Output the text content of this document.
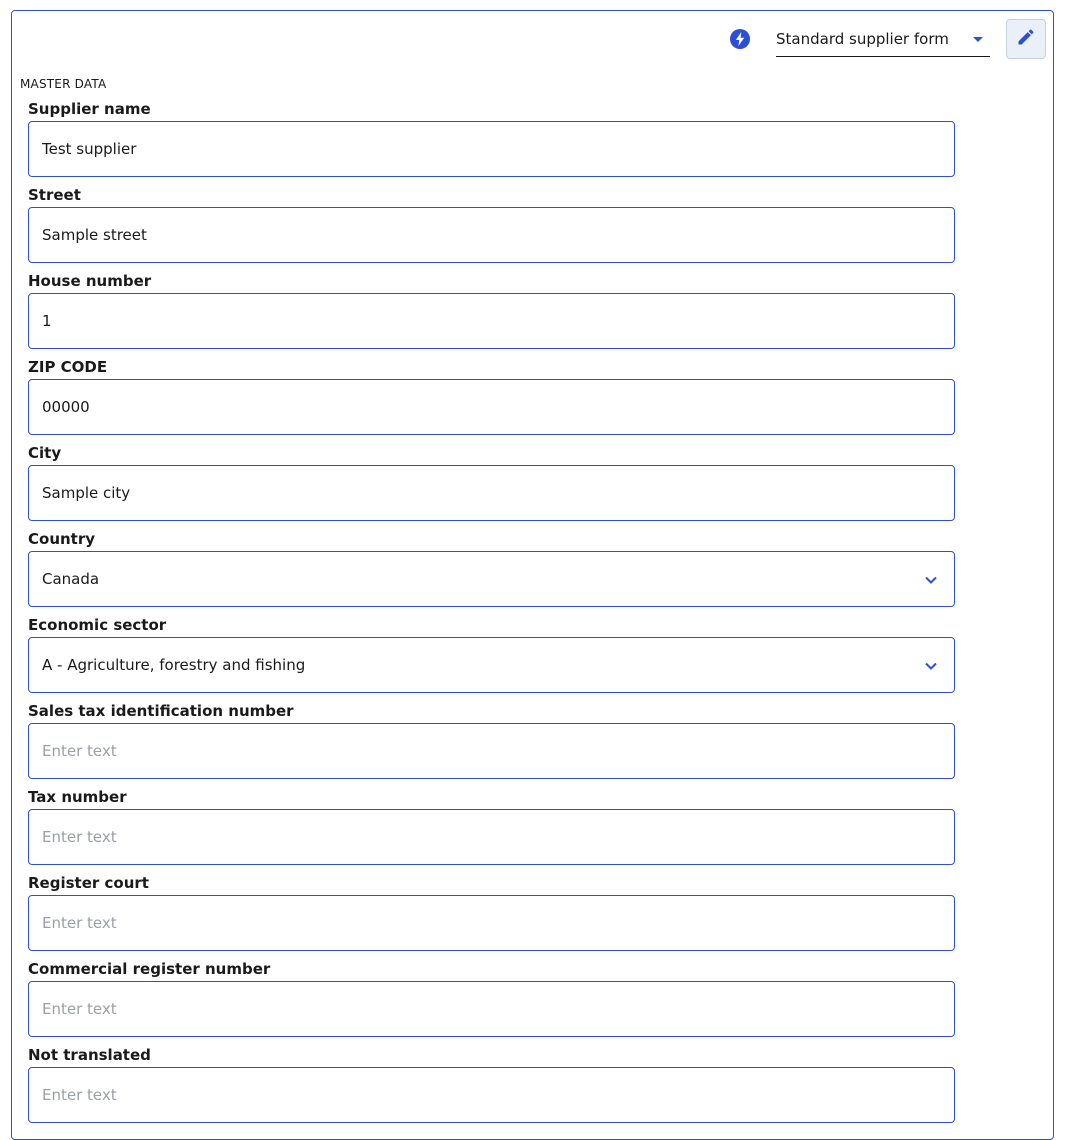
Standard supplier form
MASTER DATA
Supplier name
Test supplier
Street
Sample street
House number
1
ZIP CODE
00000
City
Sample city
Country
Canada
Economic sector
A - Agriculture, forestry and fishing
Sales tax identification number
Enter text
Tax number
Enter text
Register court
Enter text
Commercial register number
Enter text
Not translated
Enter text
